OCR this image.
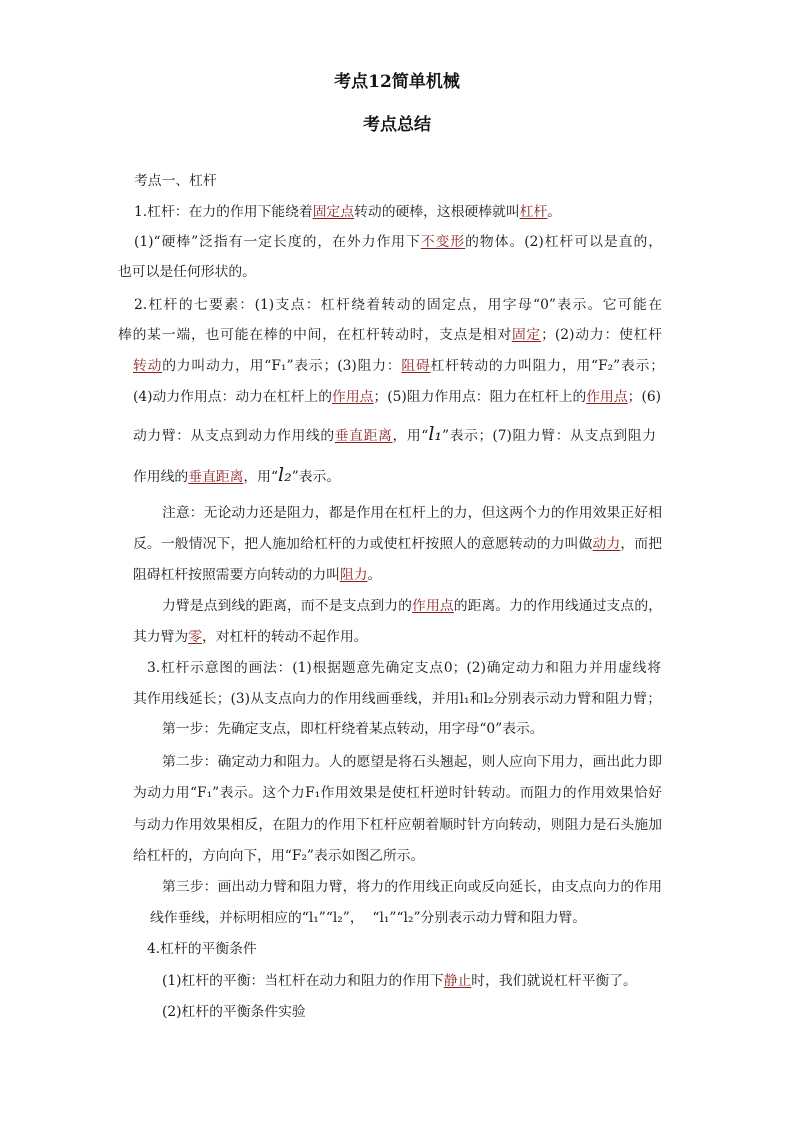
考点12简单机械
考点总结
考点一、杠杆
1.杠杆：在力的作用下能绕着固定点转动的硬棒，这根硬棒就叫杠杆。
(1)“硬棒”泛指有一定长度的，在外力作用下不变形的物体。(2)杠杆可以是直的，
也可以是任何形状的。
2.杠杆的七要素：(1)支点：杠杆绕着转动的固定点，用字母“0”表示。它可能在
棒的某一端，也可能在棒的中间，在杠杆转动时，支点是相对固定；(2)动力：使杠杆
转动的力叫动力，用“F₁”表示；(3)阻力：阻碍杠杆转动的力叫阻力，用“F₂”表示；
(4)动力作用点：动力在杠杆上的作用点；(5)阻力作用点：阻力在杠杆上的作用点；(6)
动力臂：从支点到动力作用线的垂直距离，用“l₁”表示；(7)阻力臂：从支点到阻力
作用线的垂直距离，用“l₂”表示。
注意：无论动力还是阻力，都是作用在杠杆上的力，但这两个力的作用效果正好相
反。一般情况下，把人施加给杠杆的力或使杠杆按照人的意愿转动的力叫做动力，而把
阻碍杠杆按照需要方向转动的力叫阻力。
力臂是点到线的距离，而不是支点到力的作用点的距离。力的作用线通过支点的，
其力臂为零，对杠杆的转动不起作用。
3.杠杆示意图的画法：(1)根据题意先确定支点0；(2)确定动力和阻力并用虚线将
其作用线延长；(3)从支点向力的作用线画垂线，并用l₁和l₂分别表示动力臂和阻力臂；
第一步：先确定支点，即杠杆绕着某点转动，用字母“0”表示。
第二步：确定动力和阻力。人的愿望是将石头翘起，则人应向下用力，画出此力即
为动力用“F₁”表示。这个力F₁作用效果是使杠杆逆时针转动。而阻力的作用效果恰好
与动力作用效果相反，在阻力的作用下杠杆应朝着顺时针方向转动，则阻力是石头施加
给杠杆的，方向向下，用“F₂”表示如图乙所示。
第三步：画出动力臂和阻力臂，将力的作用线正向或反向延长，由支点向力的作用
线作垂线，并标明相应的“l₁”“l₂”，  “l₁”“l₂”分别表示动力臂和阻力臂。
4.杠杆的平衡条件
(1)杠杆的平衡：当杠杆在动力和阻力的作用下静止时，我们就说杠杆平衡了。
(2)杠杆的平衡条件实验
